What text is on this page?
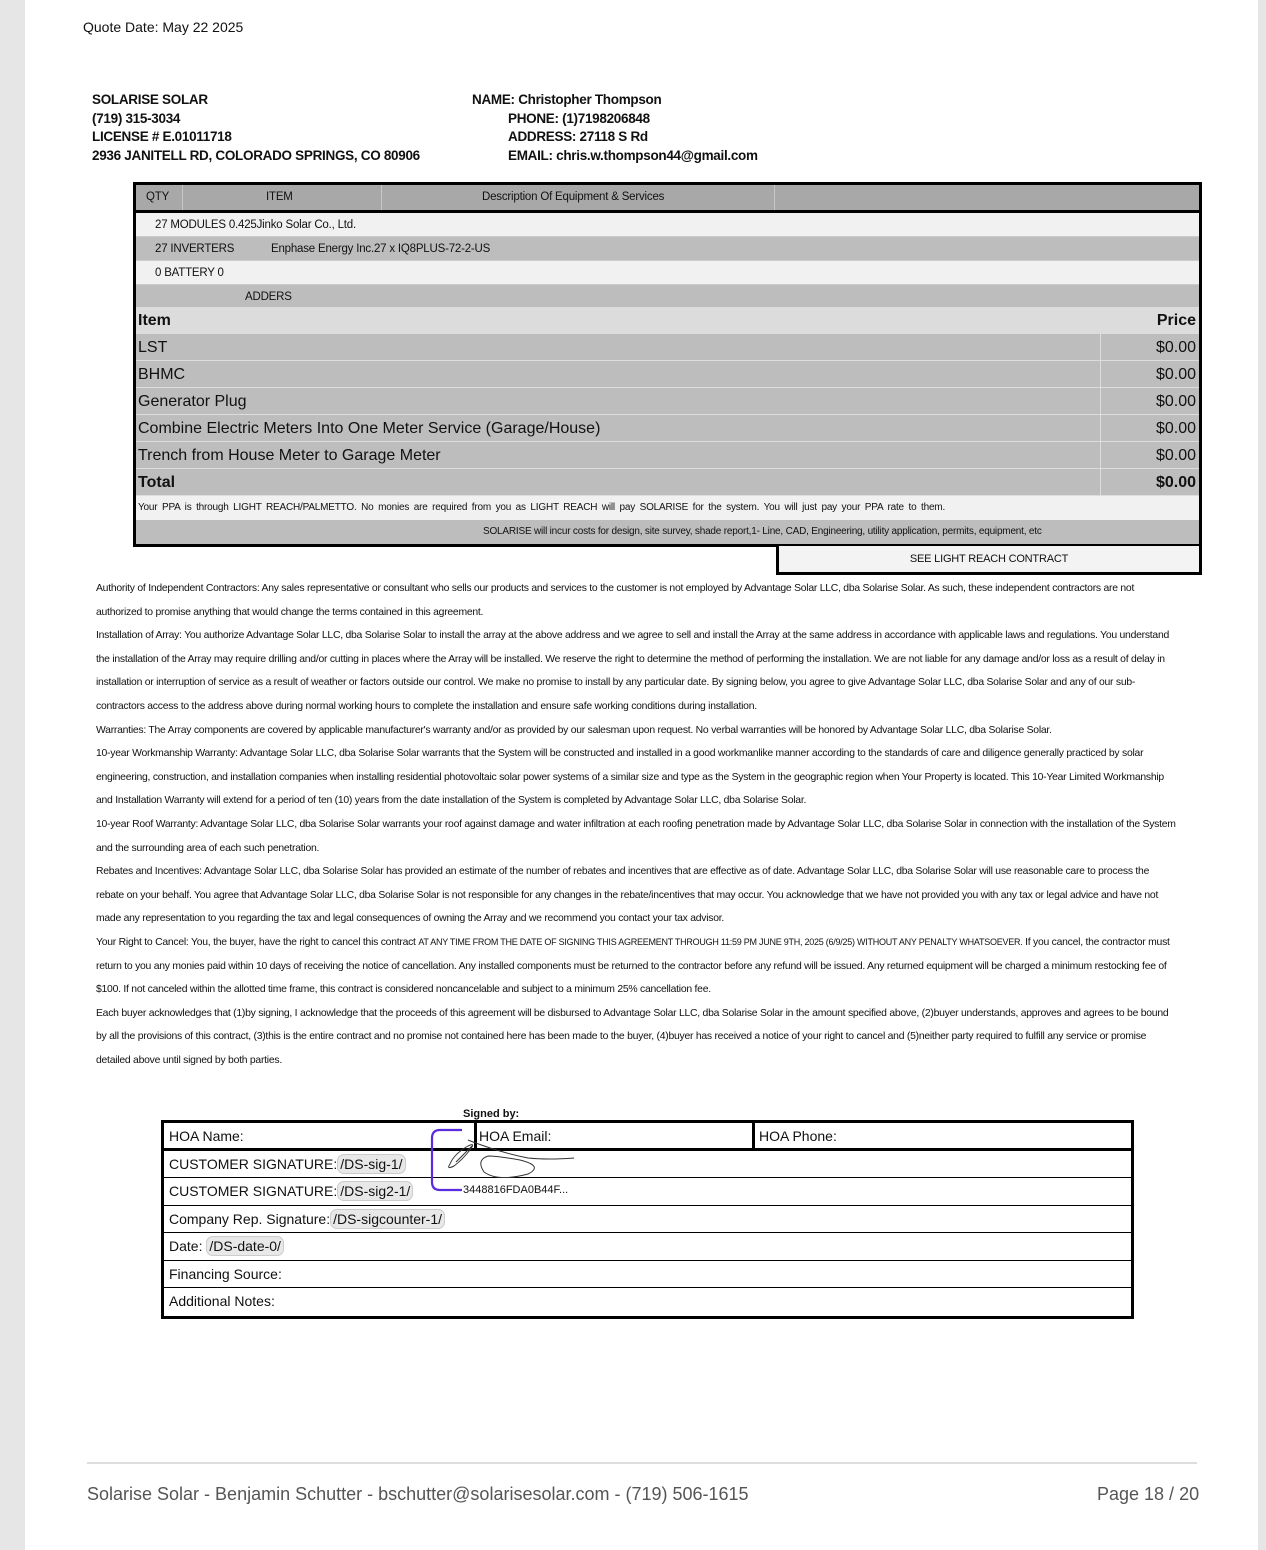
Quote Date: May 22 2025
SOLARISE SOLAR
(719) 315-3034
LICENSE # E.01011718
2936 JANITELL RD, COLORADO SPRINGS, CO 80906
NAME: Christopher Thompson
PHONE: (1)7198206848
ADDRESS: 27118 S Rd
EMAIL: chris.w.thompson44@gmail.com
QTY	ITEM	Description Of Equipment & Services
27 MODULES 0.425Jinko Solar Co., Ltd.
27 INVERTERS	Enphase Energy Inc.27 x IQ8PLUS-72-2-US
0 BATTERY 0
ADDERS
Item	Price
LST	$0.00
BHMC	$0.00
Generator Plug	$0.00
Combine Electric Meters Into One Meter Service (Garage/House)	$0.00
Trench from House Meter to Garage Meter	$0.00
Total	$0.00
Your PPA is through LIGHT REACH/PALMETTO. No monies are required from you as LIGHT REACH will pay SOLARISE for the system. You will just pay your PPA rate to them.
SOLARISE will incur costs for design, site survey, shade report,1- Line, CAD, Engineering, utility application, permits, equipment, etc
SEE LIGHT REACH CONTRACT

Authority of Independent Contractors: Any sales representative or consultant who sells our products and services to the customer is not employed by Advantage Solar LLC, dba Solarise Solar. As such, these independent contractors are not authorized to promise anything that would change the terms contained in this agreement.

Installation of Array: You authorize Advantage Solar LLC, dba Solarise Solar to install the array at the above address and we agree to sell and install the Array at the same address in accordance with applicable laws and regulations. You understand the installation of the Array may require drilling and/or cutting in places where the Array will be installed. We reserve the right to determine the method of performing the installation. We are not liable for any damage and/or loss as a result of delay in installation or interruption of service as a result of weather or factors outside our control. We make no promise to install by any particular date. By signing below, you agree to give Advantage Solar LLC, dba Solarise Solar and any of our sub-contractors access to the address above during normal working hours to complete the installation and ensure safe working conditions during installation.

Warranties: The Array components are covered by applicable manufacturer's warranty and/or as provided by our salesman upon request. No verbal warranties will be honored by Advantage Solar LLC, dba Solarise Solar.

10-year Workmanship Warranty: Advantage Solar LLC, dba Solarise Solar warrants that the System will be constructed and installed in a good workmanlike manner according to the standards of care and diligence generally practiced by solar engineering, construction, and installation companies when installing residential photovoltaic solar power systems of a similar size and type as the System in the geographic region when Your Property is located. This 10-Year Limited Workmanship and Installation Warranty will extend for a period of ten (10) years from the date installation of the System is completed by Advantage Solar LLC, dba Solarise Solar.

10-year Roof Warranty: Advantage Solar LLC, dba Solarise Solar warrants your roof against damage and water infiltration at each roofing penetration made by Advantage Solar LLC, dba Solarise Solar in connection with the installation of the System and the surrounding area of each such penetration.

Rebates and Incentives: Advantage Solar LLC, dba Solarise Solar has provided an estimate of the number of rebates and incentives that are effective as of date. Advantage Solar LLC, dba Solarise Solar will use reasonable care to process the rebate on your behalf. You agree that Advantage Solar LLC, dba Solarise Solar is not responsible for any changes in the rebate/incentives that may occur. You acknowledge that we have not provided you with any tax or legal advice and have not made any representation to you regarding the tax and legal consequences of owning the Array and we recommend you contact your tax advisor.

Your Right to Cancel: You, the buyer, have the right to cancel this contract AT ANY TIME FROM THE DATE OF SIGNING THIS AGREEMENT THROUGH 11:59 PM JUNE 9TH, 2025 (6/9/25) WITHOUT ANY PENALTY WHATSOEVER. If you cancel, the contractor must return to you any monies paid within 10 days of receiving the notice of cancellation. Any installed components must be returned to the contractor before any refund will be issued. Any returned equipment will be charged a minimum restocking fee of $100. If not canceled within the allotted time frame, this contract is considered noncancelable and subject to a minimum 25% cancellation fee.

Each buyer acknowledges that (1)by signing, I acknowledge that the proceeds of this agreement will be disbursed to Advantage Solar LLC, dba Solarise Solar in the amount specified above, (2)buyer understands, approves and agrees to be bound by all the provisions of this contract, (3)this is the entire contract and no promise not contained here has been made to the buyer, (4)buyer has received a notice of your right to cancel and (5)neither party required to fulfill any service or promise detailed above until signed by both parties.

HOA Name:	HOA Email:	HOA Phone:
CUSTOMER SIGNATURE: /DS-sig-1/
CUSTOMER SIGNATURE: /DS-sig2-1/
Company Rep. Signature: /DS-sigcounter-1/
Date: /DS-date-0/
Financing Source:
Additional Notes:
Signed by:
3448816FDA0B44F...
Solarise Solar - Benjamin Schutter - bschutter@solarisesolar.com - (719) 506-1615	Page 18 / 20
